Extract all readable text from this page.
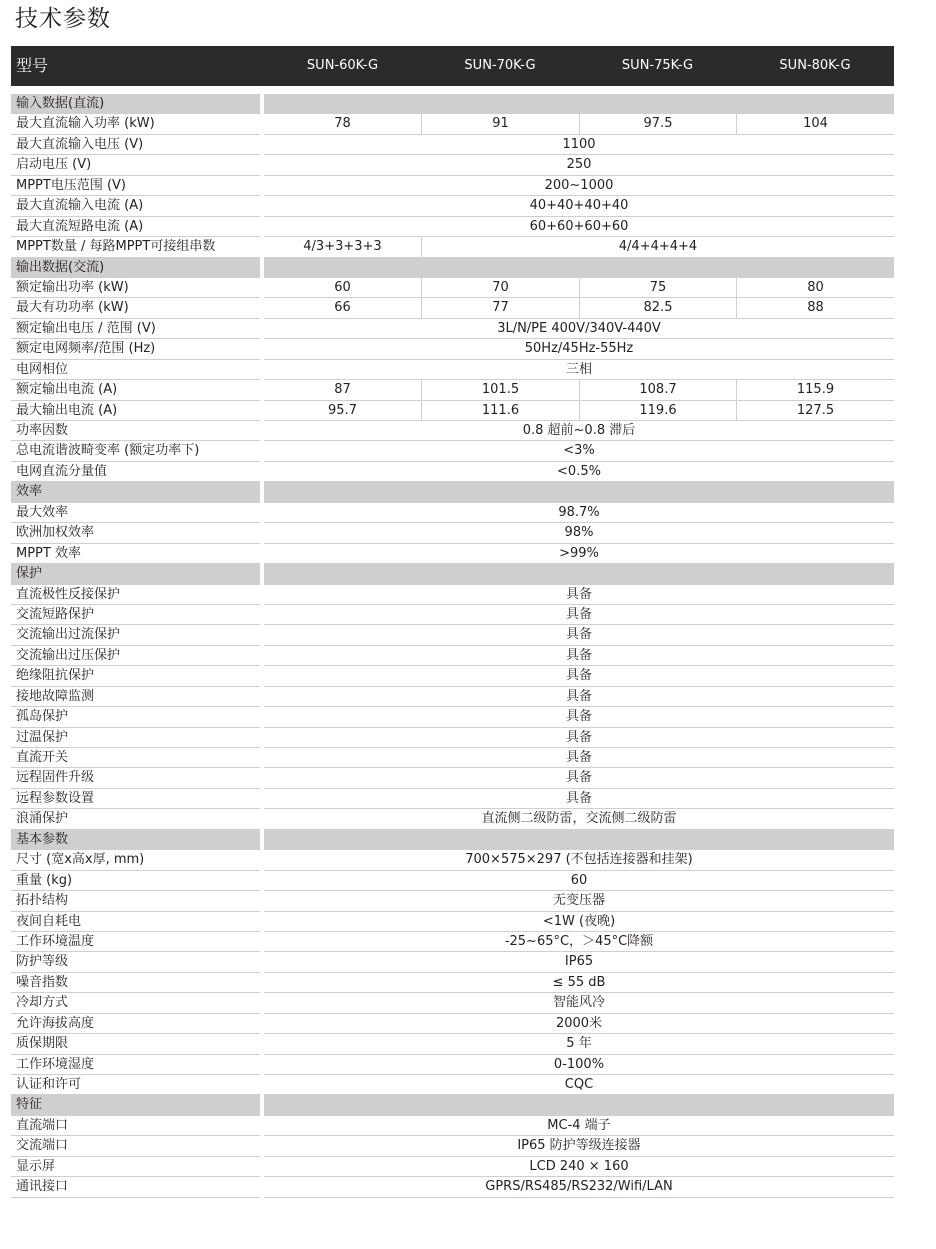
技术参数
型号	SUN-60K-G	SUN-70K-G	SUN-75K-G	SUN-80K-G
输入数据(直流)
最大直流输入功率 (kW)	78	91	97.5	104
最大直流输入电压 (V)	1100
启动电压 (V)	250
MPPT电压范围 (V)	200~1000
最大直流输入电流 (A)	40+40+40+40
最大直流短路电流 (A)	60+60+60+60
MPPT数量 / 每路MPPT可接组串数	4/3+3+3+3	4/4+4+4+4
输出数据(交流)
额定输出功率 (kW)	60	70	75	80
最大有功功率 (kW)	66	77	82.5	88
额定输出电压 / 范围 (V)	3L/N/PE 400V/340V-440V
额定电网频率/范围 (Hz)	50Hz/45Hz-55Hz
电网相位	三相
额定输出电流 (A)	87	101.5	108.7	115.9
最大输出电流 (A)	95.7	111.6	119.6	127.5
功率因数	0.8 超前~0.8 滞后
总电流谐波畸变率 (额定功率下)	<3%
电网直流分量值	<0.5%
效率
最大效率	98.7%
欧洲加权效率	98%
MPPT 效率	>99%
保护
直流极性反接保护	具备
交流短路保护	具备
交流输出过流保护	具备
交流输出过压保护	具备
绝缘阻抗保护	具备
接地故障监测	具备
孤岛保护	具备
过温保护	具备
直流开关	具备
远程固件升级	具备
远程参数设置	具备
浪涌保护	直流侧二级防雷，交流侧二级防雷
基本参数
尺寸 (宽x高x厚, mm)	700×575×297 (不包括连接器和挂架)
重量 (kg)	60
拓扑结构	无变压器
夜间自耗电	<1W (夜晚)
工作环境温度	-25~65°C，＞45°C降额
防护等级	IP65
噪音指数	≤ 55 dB
冷却方式	智能风冷
允许海拔高度	2000米
质保期限	5 年
工作环境湿度	0-100%
认证和许可	CQC
特征
直流端口	MC-4 端子
交流端口	IP65 防护等级连接器
显示屏	LCD 240 × 160
通讯接口	GPRS/RS485/RS232/Wifi/LAN
